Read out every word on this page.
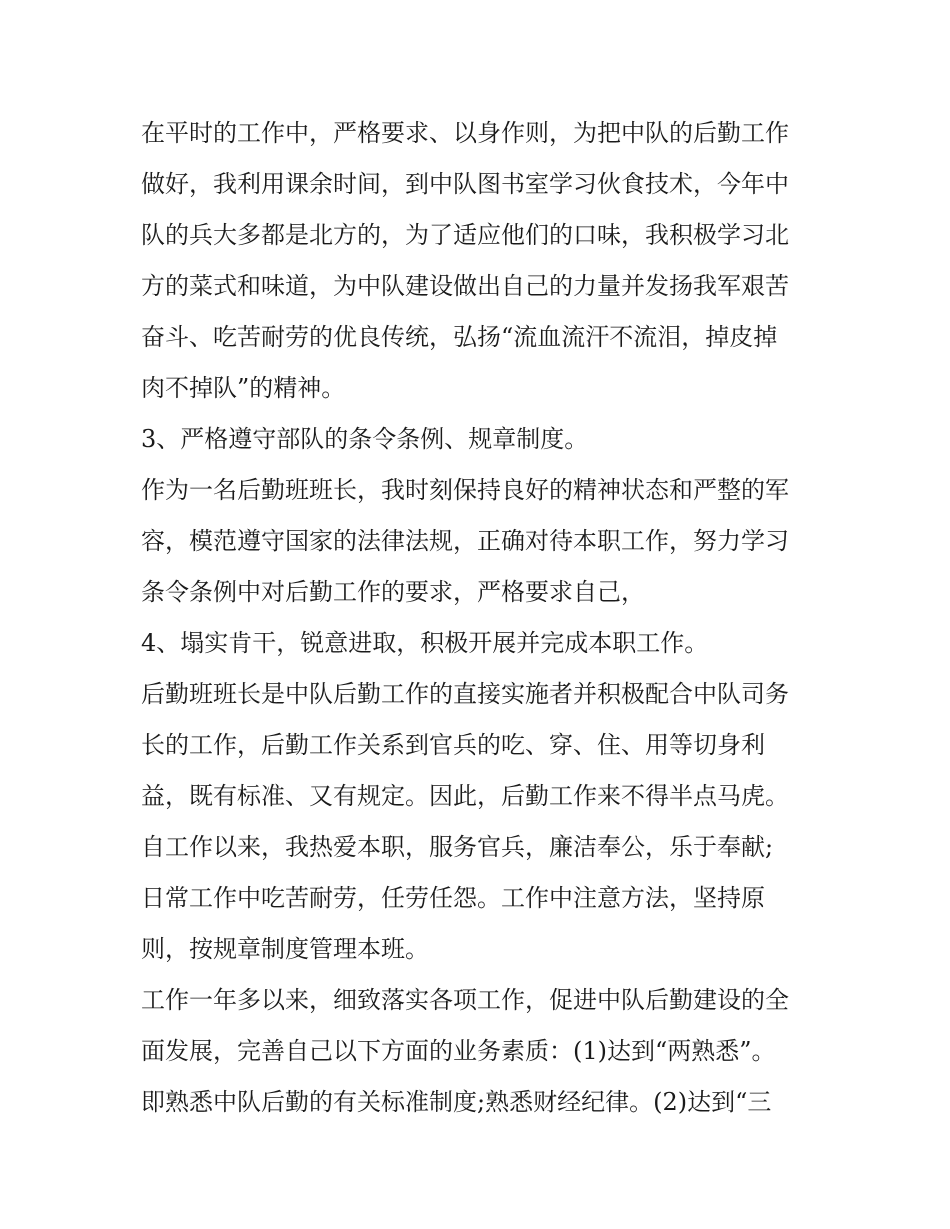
在平时的工作中，严格要求、以身作则，为把中队的后勤工作
做好，我利用课余时间，到中队图书室学习伙食技术，今年中
队的兵大多都是北方的，为了适应他们的口味，我积极学习北
方的菜式和味道，为中队建设做出自己的力量并发扬我军艰苦
奋斗、吃苦耐劳的优良传统，弘扬“流血流汗不流泪，掉皮掉
肉不掉队”的精神。
3、严格遵守部队的条令条例、规章制度。
作为一名后勤班班长，我时刻保持良好的精神状态和严整的军
容，模范遵守国家的法律法规，正确对待本职工作，努力学习
条令条例中对后勤工作的要求，严格要求自己，
4、塌实肯干，锐意进取，积极开展并完成本职工作。
后勤班班长是中队后勤工作的直接实施者并积极配合中队司务
长的工作，后勤工作关系到官兵的吃、穿、住、用等切身利
益，既有标准、又有规定。因此，后勤工作来不得半点马虎。
自工作以来，我热爱本职，服务官兵，廉洁奉公，乐于奉献;
日常工作中吃苦耐劳，任劳任怨。工作中注意方法，坚持原
则，按规章制度管理本班。
工作一年多以来，细致落实各项工作，促进中队后勤建设的全
面发展，完善自己以下方面的业务素质：(1)达到“两熟悉”。
即熟悉中队后勤的有关标准制度;熟悉财经纪律。(2)达到“三
